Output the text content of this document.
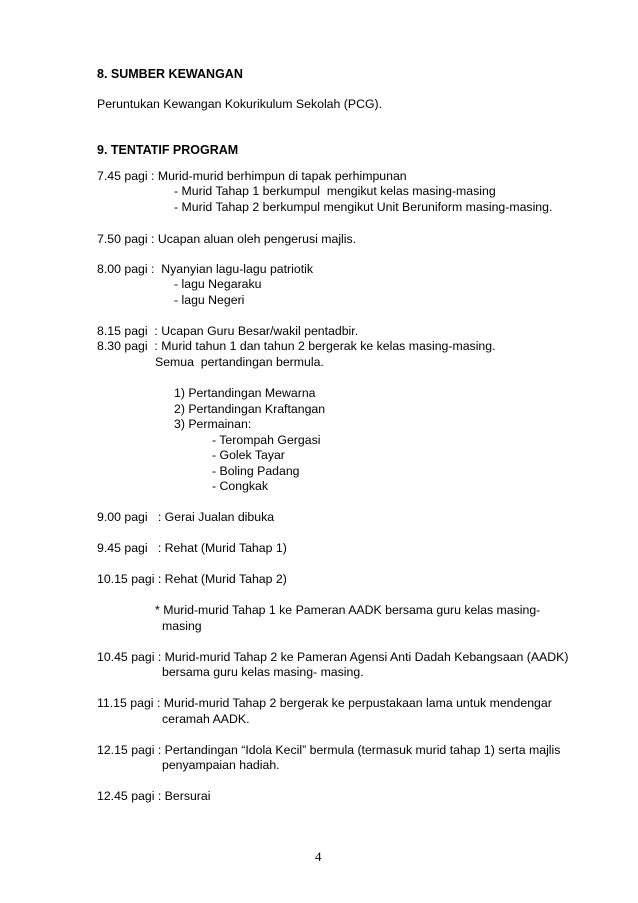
8. SUMBER KEWANGAN
Peruntukan Kewangan Kokurikulum Sekolah (PCG).
9. TENTATIF PROGRAM
7.45 pagi : Murid-murid berhimpun di tapak perhimpunan
- Murid Tahap 1 berkumpul  mengikut kelas masing-masing
- Murid Tahap 2 berkumpul mengikut Unit Beruniform masing-masing.
7.50 pagi : Ucapan aluan oleh pengerusi majlis.
8.00 pagi :  Nyanyian lagu-lagu patriotik
- lagu Negaraku
- lagu Negeri
8.15 pagi  : Ucapan Guru Besar/wakil pentadbir.
8.30 pagi  : Murid tahun 1 dan tahun 2 bergerak ke kelas masing-masing.
Semua  pertandingan bermula.
1) Pertandingan Mewarna
2) Pertandingan Kraftangan
3) Permainan:
- Terompah Gergasi
- Golek Tayar
- Boling Padang
- Congkak
9.00 pagi   : Gerai Jualan dibuka
9.45 pagi   : Rehat (Murid Tahap 1)
10.15 pagi : Rehat (Murid Tahap 2)
* Murid-murid Tahap 1 ke Pameran AADK bersama guru kelas masing-
masing
10.45 pagi : Murid-murid Tahap 2 ke Pameran Agensi Anti Dadah Kebangsaan (AADK)
bersama guru kelas masing- masing.
11.15 pagi : Murid-murid Tahap 2 bergerak ke perpustakaan lama untuk mendengar
ceramah AADK.
12.15 pagi : Pertandingan “Idola Kecil” bermula (termasuk murid tahap 1) serta majlis
penyampaian hadiah.
12.45 pagi : Bersurai
4
